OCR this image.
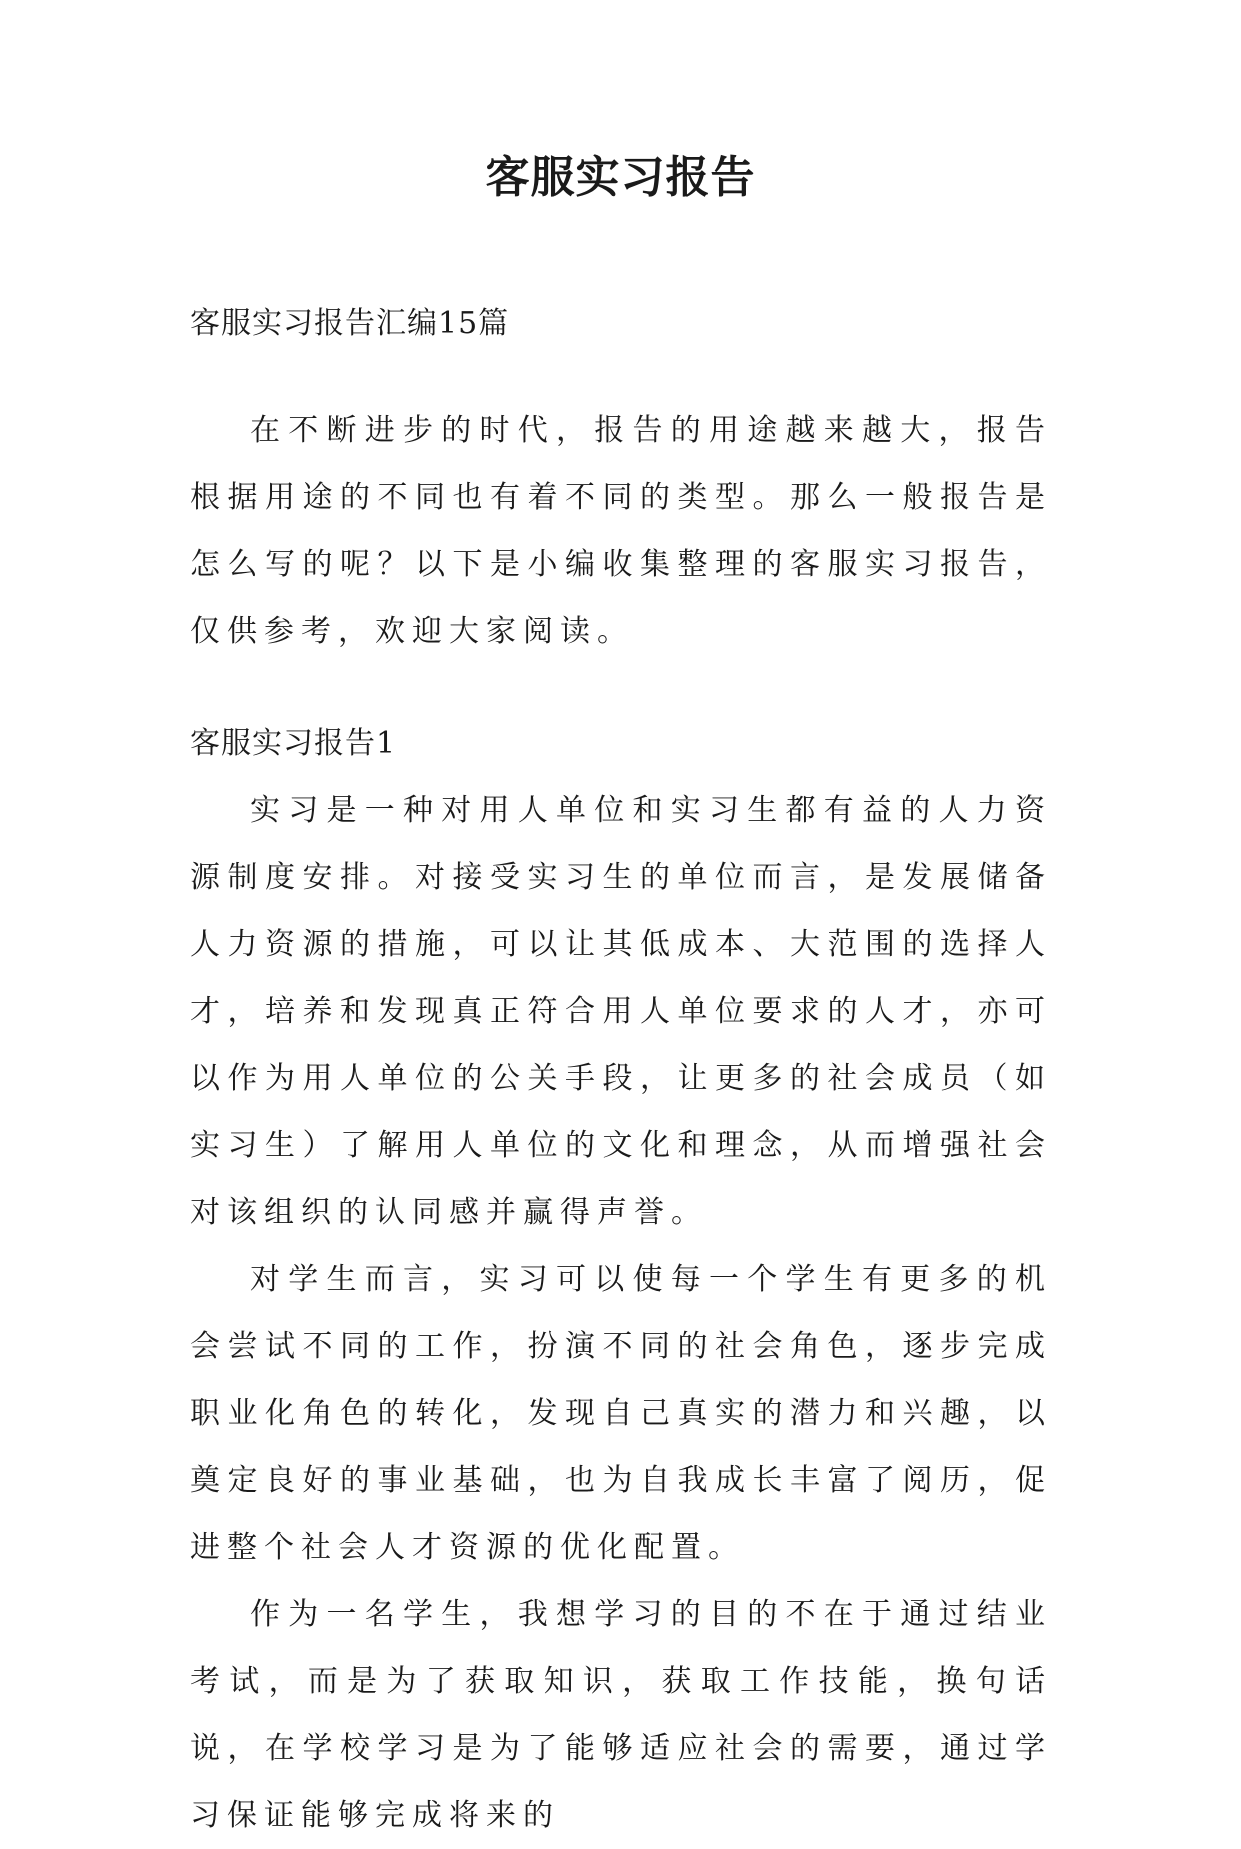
客服实习报告

客服实习报告汇编15篇

在不断进步的时代，报告的用途越来越大，报告根据用途的不同也有着不同的类型。那么一般报告是怎么写的呢？以下是小编收集整理的客服实习报告，仅供参考，欢迎大家阅读。

客服实习报告1

实习是一种对用人单位和实习生都有益的人力资源制度安排。对接受实习生的单位而言，是发展储备人力资源的措施，可以让其低成本、大范围的选择人才，培养和发现真正符合用人单位要求的人才，亦可以作为用人单位的公关手段，让更多的社会成员（如实习生）了解用人单位的文化和理念，从而增强社会对该组织的认同感并赢得声誉。

对学生而言，实习可以使每一个学生有更多的机会尝试不同的工作，扮演不同的社会角色，逐步完成职业化角色的转化，发现自己真实的潜力和兴趣，以奠定良好的事业基础，也为自我成长丰富了阅历，促进整个社会人才资源的优化配置。

作为一名学生，我想学习的目的不在于通过结业考试，而是为了获取知识，获取工作技能，换句话说，在学校学习是为了能够适应社会的需要，通过学习保证能够完成将来的
